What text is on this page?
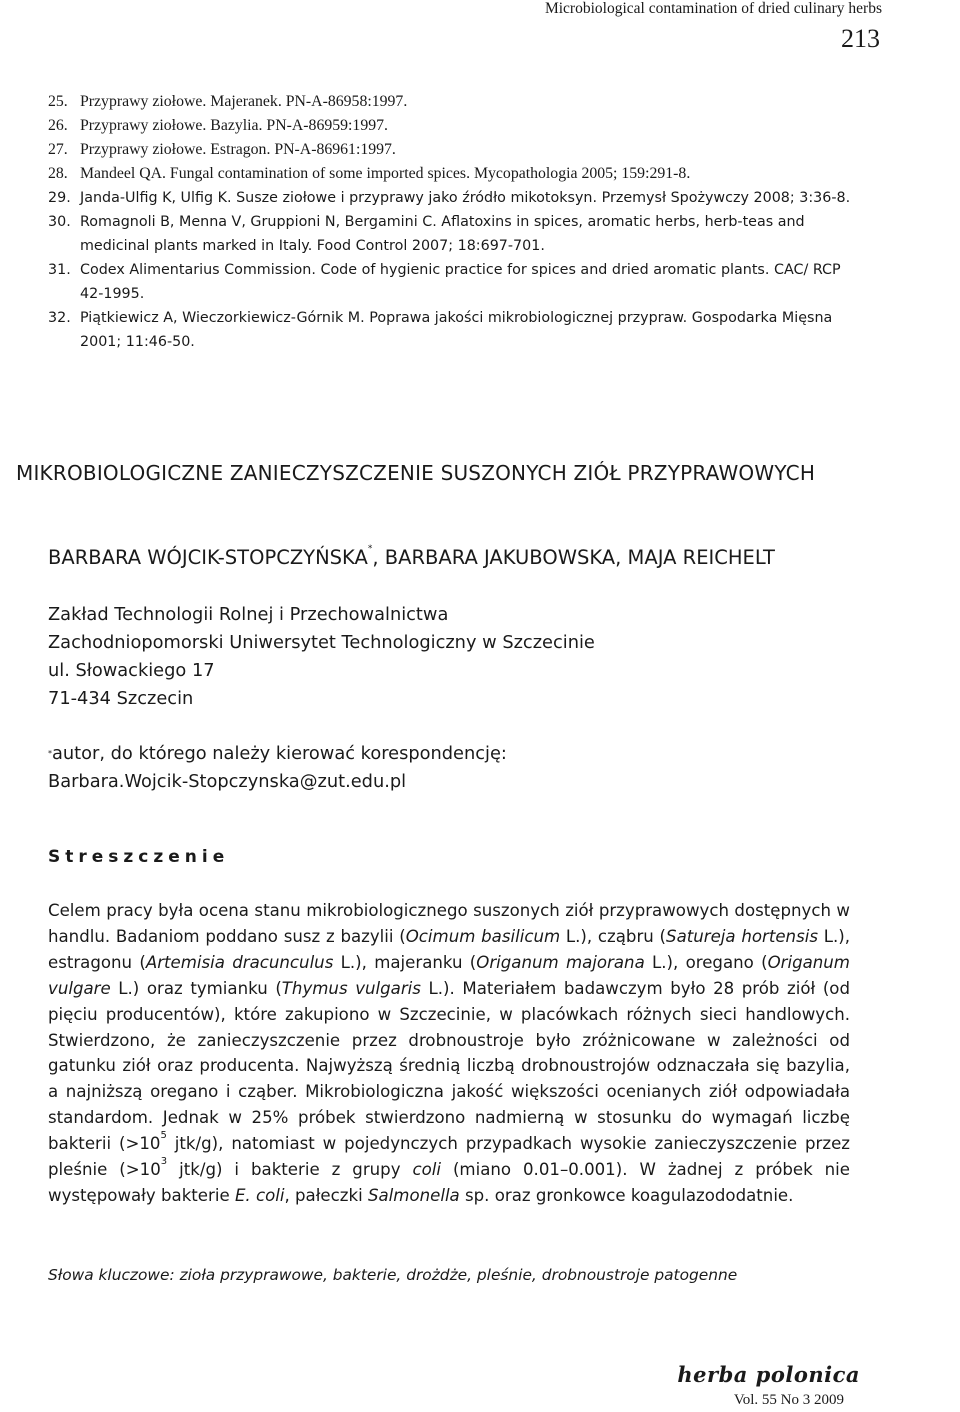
Microbiological contamination of dried culinary herbs
213
25. Przyprawy ziołowe. Majeranek. PN-A-86958:1997.
26. Przyprawy ziołowe. Bazylia. PN-A-86959:1997.
27. Przyprawy ziołowe. Estragon. PN-A-86961:1997.
28. Mandeel QA. Fungal contamination of some imported spices. Mycopathologia 2005; 159:291-8.
29. Janda-Ulfig K, Ulfig K. Susze ziołowe i przyprawy jako źródło mikotoksyn. Przemysł Spożywczy 2008; 3:36-8.
30. Romagnoli B, Menna V, Gruppioni N, Bergamini C. Aflatoxins in spices, aromatic herbs, herb-teas and medicinal plants marked in Italy. Food Control 2007; 18:697-701.
31. Codex Alimentarius Commission. Code of hygienic practice for spices and dried aromatic plants. CAC/ RCP 42-1995.
32. Piątkiewicz A, Wieczorkiewicz-Górnik M. Poprawa jakości mikrobiologicznej przypraw. Gospodarka Mięsna 2001; 11:46-50.
MIKROBIOLOGICZNE ZANIECZYSZCZENIE SUSZONYCH ZIÓŁ PRZYPRAWOWYCH
BARBARA WÓJCIK-STOPCZYŃSKA*, BARBARA JAKUBOWSKA, MAJA REICHELT
Zakład Technologii Rolnej i Przechowalnictwa
Zachodniopomorski Uniwersytet Technologiczny w Szczecinie
ul. Słowackiego 17
71-434 Szczecin
*autor, do którego należy kierować korespondencję:
Barbara.Wojcik-Stopczynska@zut.edu.pl
Streszczenie

Celem pracy była ocena stanu mikrobiologicznego suszonych ziół przyprawowych dostępnych w handlu. Badaniom poddano susz z bazylii (Ocimum basilicum L.), cząbru (Satureja hortensis L.), estragonu (Artemisia dracunculus L.), majeranku (Origanum majorana L.), oregano (Origanum vulgare L.) oraz tymianku (Thymus vulgaris L.). Materiałem badawczym było 28 prób ziół (od pięciu producentów), które zakupiono w Szczecinie, w placówkach różnych sieci handlowych. Stwierdzono, że zanieczyszczenie przez drobnoustroje było zróżnicowane w zależności od gatunku ziół oraz producenta. Najwyższą średnią liczbą drobnoustrojów odznaczała się bazylia, a najniższą oregano i cząber. Mikrobiologiczna jakość większości ocenianych ziół odpowiadała standardom. Jednak w 25% próbek stwierdzono nadmierną w stosunku do wymagań liczbę bakterii ($>10^5$ jtk/g), natomiast w pojedynczych przypadkach wysokie zanieczyszczenie przez pleśnie ($>10^3$ jtk/g) i bakterie z grupy coli (miano 0.01–0.001). W żadnej z próbek nie występowały bakterie E. coli, pałeczki Salmonella sp. oraz gronkowce koagulazododatnie.

Słowa kluczowe: zioła przyprawowe, bakterie, drożdże, pleśnie, drobnoustroje patogenne
herba polonica
Vol. 55 No 3 2009
